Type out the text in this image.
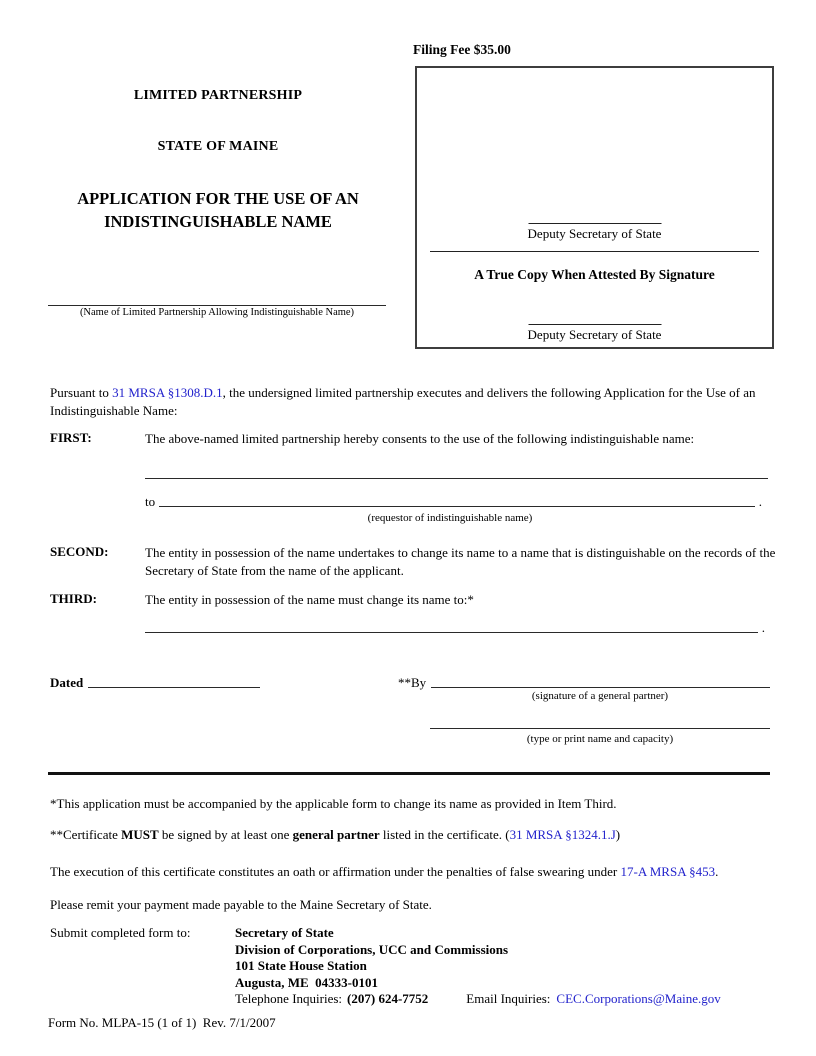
Filing Fee $35.00
Deputy Secretary of State
A True Copy When Attested By Signature
Deputy Secretary of State
LIMITED PARTNERSHIP
STATE OF MAINE
APPLICATION FOR THE USE OF AN INDISTINGUISHABLE NAME
(Name of Limited Partnership Allowing Indistinguishable Name)
Pursuant to 31 MRSA §1308.D.1, the undersigned limited partnership executes and delivers the following Application for the Use of an Indistinguishable Name:
FIRST:	The above-named limited partnership hereby consents to the use of the following indistinguishable name:
to	.
(requestor of indistinguishable name)
SECOND:	The entity in possession of the name undertakes to change its name to a name that is distinguishable on the records of the Secretary of State from the name of the applicant.
THIRD:	The entity in possession of the name must change its name to:*
.
Dated	**By
(signature of a general partner)
(type or print name and capacity)
*This application must be accompanied by the applicable form to change its name as provided in Item Third.
**Certificate MUST be signed by at least one general partner listed in the certificate. (31 MRSA §1324.1.J)
The execution of this certificate constitutes an oath or affirmation under the penalties of false swearing under 17-A MRSA §453.
Please remit your payment made payable to the Maine Secretary of State.
Submit completed form to:	Secretary of State
Division of Corporations, UCC and Commissions
101 State House Station
Augusta, ME  04333-0101
Telephone Inquiries: (207) 624-7752	Email Inquiries: CEC.Corporations@Maine.gov
Form No. MLPA-15 (1 of 1)  Rev. 7/1/2007
